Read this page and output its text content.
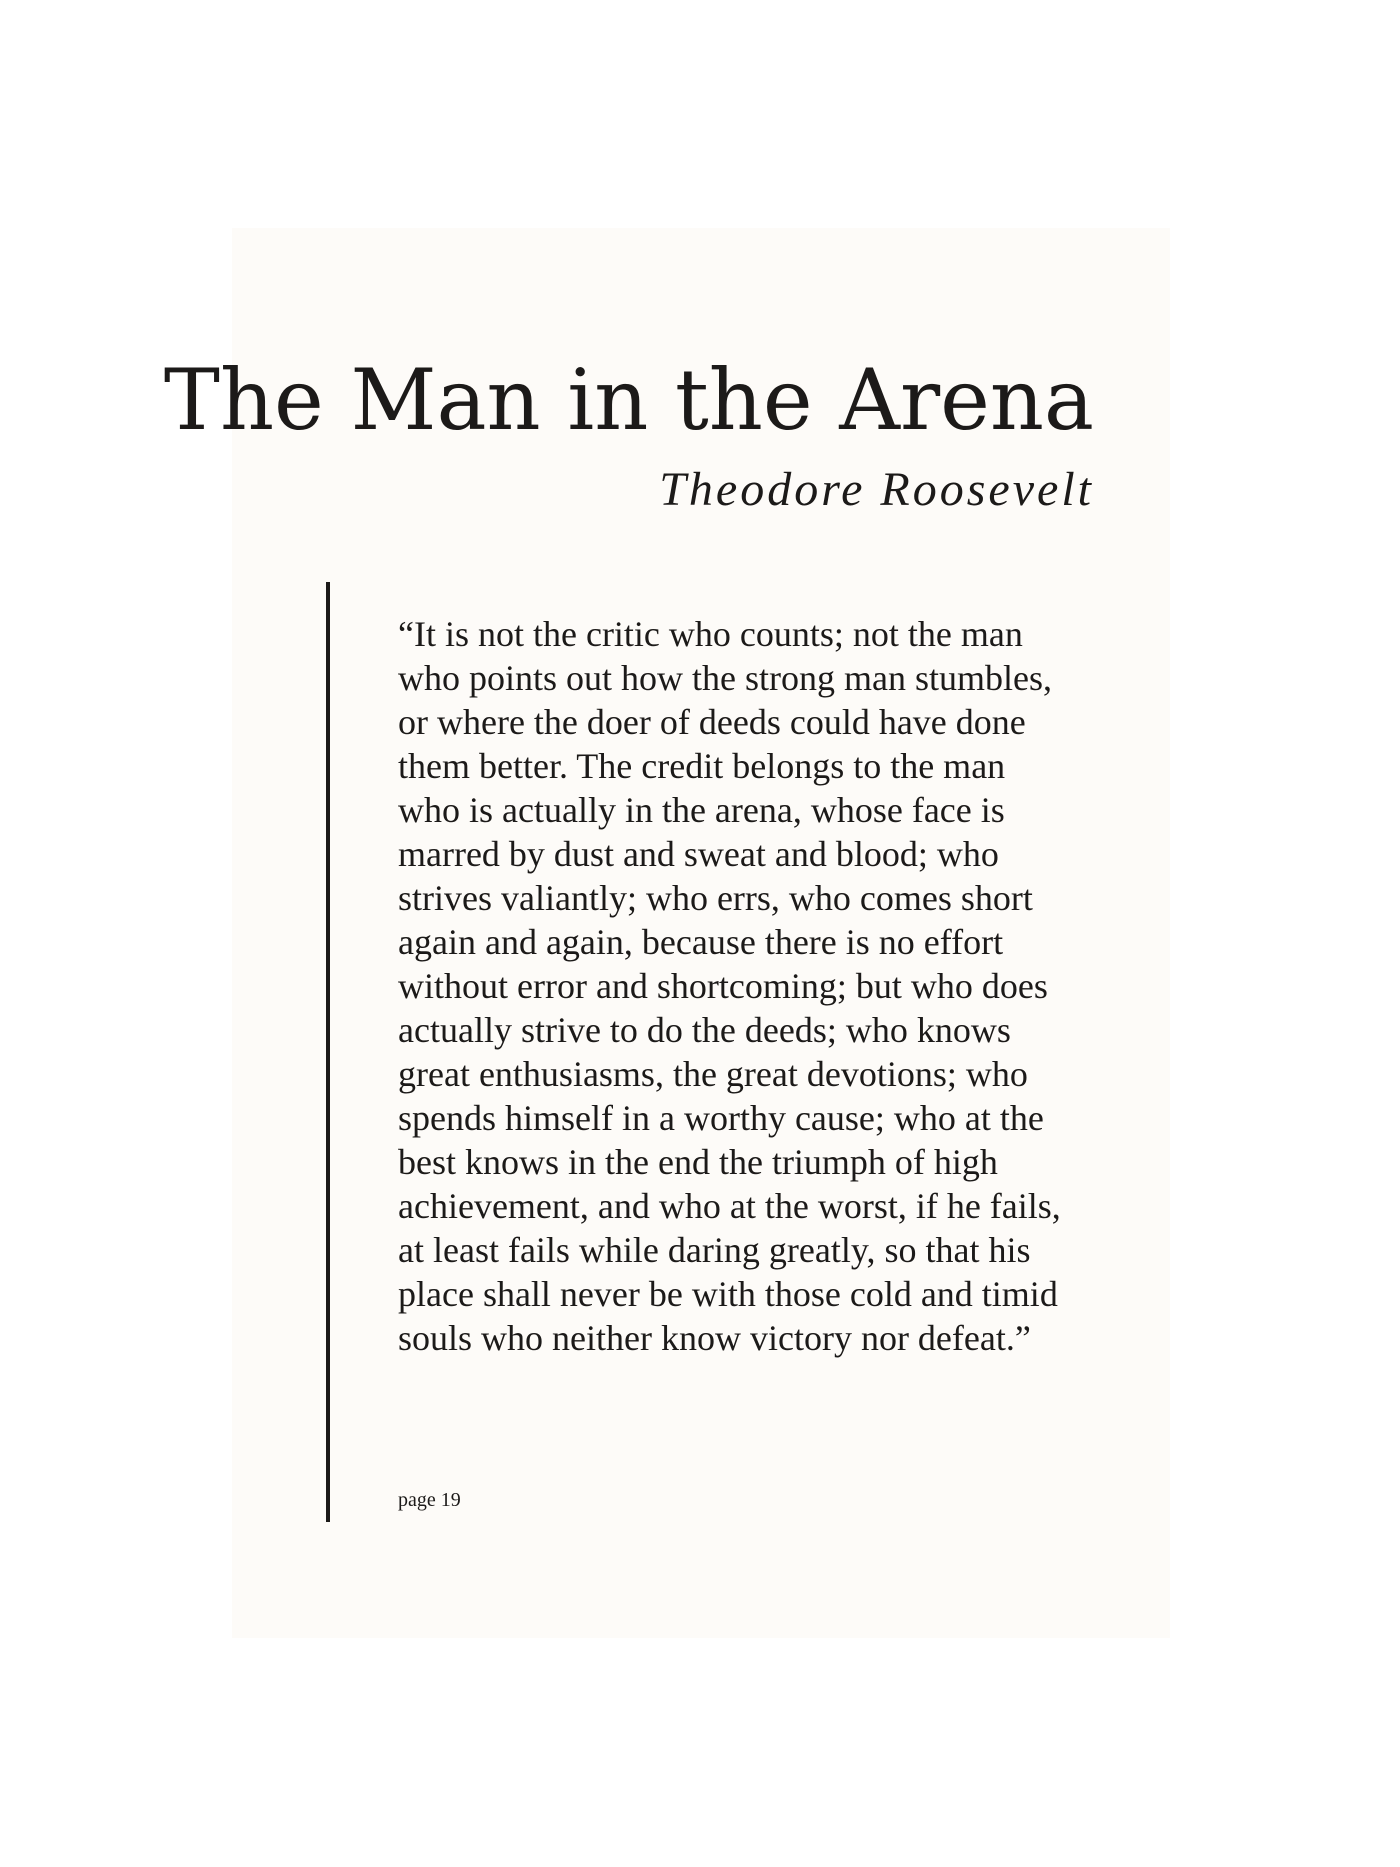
The Man in the Arena
Theodore Roosevelt
“It is not the critic who counts; not the man
who points out how the strong man stumbles,
or where the doer of deeds could have done
them better. The credit belongs to the man
who is actually in the arena, whose face is
marred by dust and sweat and blood; who
strives valiantly; who errs, who comes short
again and again, because there is no effort
without error and shortcoming; but who does
actually strive to do the deeds; who knows
great enthusiasms, the great devotions; who
spends himself in a worthy cause; who at the
best knows in the end the triumph of high
achievement, and who at the worst, if he fails,
at least fails while daring greatly, so that his
place shall never be with those cold and timid
souls who neither know victory nor defeat.”
page 19
